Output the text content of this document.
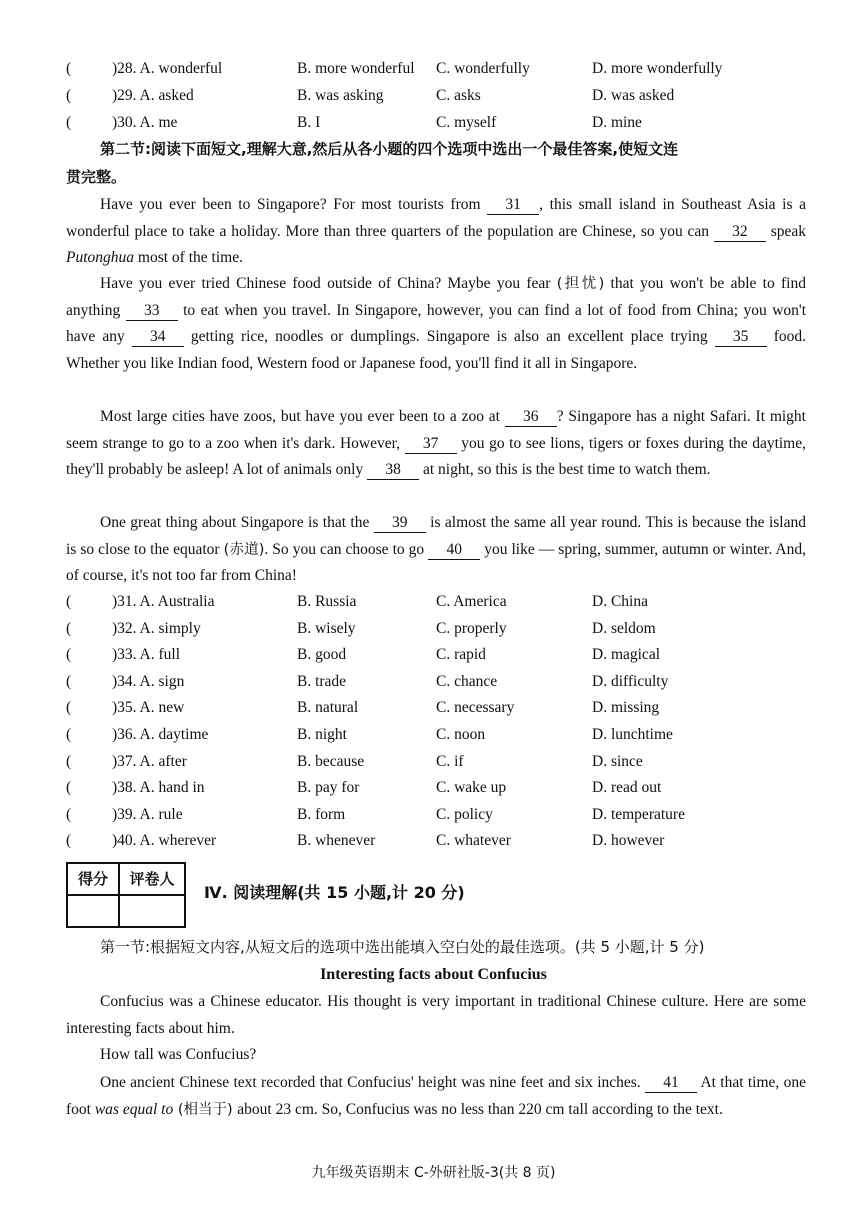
(	)28. A. wonderful	B. more wonderful C. wonderfully	D. more wonderfully
(	)29. A. asked	B. was asking	C. asks	D. was asked
(	)30. A. me	B. I	C. myself	D. mine
第二节:阅读下面短文,理解大意,然后从各小题的四个选项中选出一个最佳答案,使短文连
贯完整。
Have you ever been to Singapore? For most tourists from 31 , this small island in Southeast Asia is a wonderful place to take a holiday. More than three quarters of the population are Chinese, so you can 32 speak Putonghua most of the time.
Have you ever tried Chinese food outside of China? Maybe you fear (担忧) that you won't be able to find anything 33 to eat when you travel. In Singapore, however, you can find a lot of food from China; you won't have any 34 getting rice, noodles or dumplings. Singapore is also an excellent place trying 35 food. Whether you like Indian food, Western food or Japanese food, you'll find it all in Singapore.
Most large cities have zoos, but have you ever been to a zoo at 36 ? Singapore has a night Safari. It might seem strange to go to a zoo when it's dark. However, 37 you go to see lions, tigers or foxes during the daytime, they'll probably be asleep! A lot of animals only 38 at night, so this is the best time to watch them.
One great thing about Singapore is that the 39 is almost the same all year round. This is because the island is so close to the equator (赤道). So you can choose to go 40 you like — spring, summer, autumn or winter. And, of course, it's not too far from China!
(	)31. A. Australia	B. Russia	C. America	D. China
(	)32. A. simply	B. wisely	C. properly	D. seldom
(	)33. A. full	B. good	C. rapid	D. magical
(	)34. A. sign	B. trade	C. chance	D. difficulty
(	)35. A. new	B. natural	C. necessary	D. missing
(	)36. A. daytime	B. night	C. noon	D. lunchtime
(	)37. A. after	B. because	C. if	D. since
(	)38. A. hand in	B. pay for	C. wake up	D. read out
(	)39. A. rule	B. form	C. policy	D. temperature
(	)40. A. wherever	B. whenever	C. whatever	D. however
得分	评卷人
Ⅳ. 阅读理解(共 15 小题,计 20 分)
第一节:根据短文内容,从短文后的选项中选出能填入空白处的最佳选项。(共 5 小题,计 5 分)
Interesting facts about Confucius
Confucius was a Chinese educator. His thought is very important in traditional Chinese culture. Here are some interesting facts about him.
How tall was Confucius?
One ancient Chinese text recorded that Confucius' height was nine feet and six inches. 41 At that time, one foot was equal to (相当于) about 23 cm. So, Confucius was no less than 220 cm tall according to the text.
九年级英语期末 C-外研社版-3(共 8 页)
